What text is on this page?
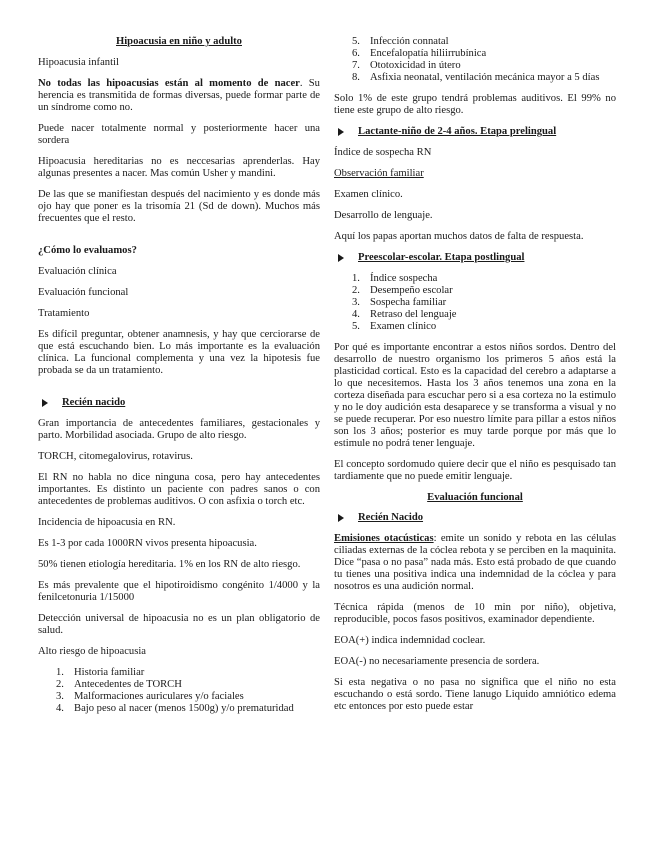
Hipoacusia en niño y adulto

Hipoacusia infantil

No todas las hipoacusias están al momento de nacer. Su herencia es transmitida de formas diversas, puede formar parte de un síndrome como no.

Puede nacer totalmente normal y posteriormente hacer una sordera

Hipoacusia hereditarias no es neccesarias aprenderlas. Hay algunas presentes a nacer. Mas común Usher y mandini.

De las que se manifiestan después del nacimiento y es donde más ojo hay que poner es la trisomía 21 (Sd de down). Muchos más frecuentes que el resto.

¿Cómo lo evaluamos?

Evaluación clínica

Evaluación funcional

Tratamiento

Es difícil preguntar, obtener anamnesis, y hay que cerciorarse de que está escuchando bien. Lo más importante es la evaluación clínica. La funcional complementa y una vez la hipotesis fue probada se da un tratamiento.

Recién nacido

Gran importancia de antecedentes familiares, gestacionales y parto. Morbilidad asociada. Grupo de alto riesgo.

TORCH, citomegalovirus, rotavirus.

El RN no habla no dice ninguna cosa, pero hay antecedentes importantes. Es distinto un paciente con padres sanos o con antecedentes de problemas auditivos. O con asfixia o torch etc.

Incidencia de hipoacusia en RN.

Es 1-3 por cada 1000RN vivos presenta hipoacusia.

50% tienen etiología hereditaria. 1% en los RN de alto riesgo.

Es más prevalente que el hipotiroidismo congénito 1/4000 y la fenilcetonuria 1/15000

Detección universal de hipoacusia no es un plan obligatorio de salud.

Alto riesgo de hipoacusia

1. Historia familiar
2. Antecedentes de TORCH
3. Malformaciones auriculares y/o faciales
4. Bajo peso al nacer (menos 1500g) y/o prematuridad
5. Infección connatal
6. Encefalopatía hiliirrubínica
7. Ototoxicidad in útero
8. Asfixia neonatal, ventilación mecánica mayor a 5 días

Solo 1% de este grupo tendrá problemas auditivos. El 99% no tiene este grupo de alto riesgo.

Lactante-niño de 2-4 años. Etapa prelingual

Índice de sospecha RN

Observación familiar

Examen clínico.

Desarrollo de lenguaje.

Aquí los papas aportan muchos datos de falta de respuesta.

Preescolar-escolar. Etapa postlingual
1. Índice sospecha
2. Desempeño escolar
3. Sospecha familiar
4. Retraso del lenguaje
5. Examen clínico

Por qué es importante encontrar a estos niños sordos. Dentro del desarrollo de nuestro organismo los primeros 5 años está la plasticidad cortical. Esto es la capacidad del cerebro a adaptarse a lo que necesitemos. Hasta los 3 años tenemos una zona en la corteza diseñada para escuchar pero si a esa corteza no la estimulo y no le doy audición esta desaparece y se transforma a visual y no se puede recuperar. Por eso nuestro límite para pillar a estos niños son los 3 años; posterior es muy tarde porque por más que lo estimule no podrá tener lenguaje.

El concepto sordomudo quiere decir que el niño es pesquisado tan tardiamente que no puede emitir lenguaje.

Evaluación funcional

Recién Nacido

Emisiones otacústicas: emite un sonido y rebota en las células ciliadas externas de la cóclea rebota y se perciben en la maquinita. Dice “pasa o no pasa” nada más. Esto está probado de que cuando tu tienes una positiva indica una indemnidad de la cóclea y para nosotros es una audición normal.

Técnica rápida (menos de 10 min por niño), objetiva, reproducible, pocos fasos positivos, examinador dependiente.

EOA(+) indica indemnidad coclear.

EOA(-) no necesariamente presencia de sordera.

Si esta negativa o no pasa no significa que el niño no esta escuchando o está sordo. Tiene lanugo Liquido amniótico edema etc entonces por esto puede estar
